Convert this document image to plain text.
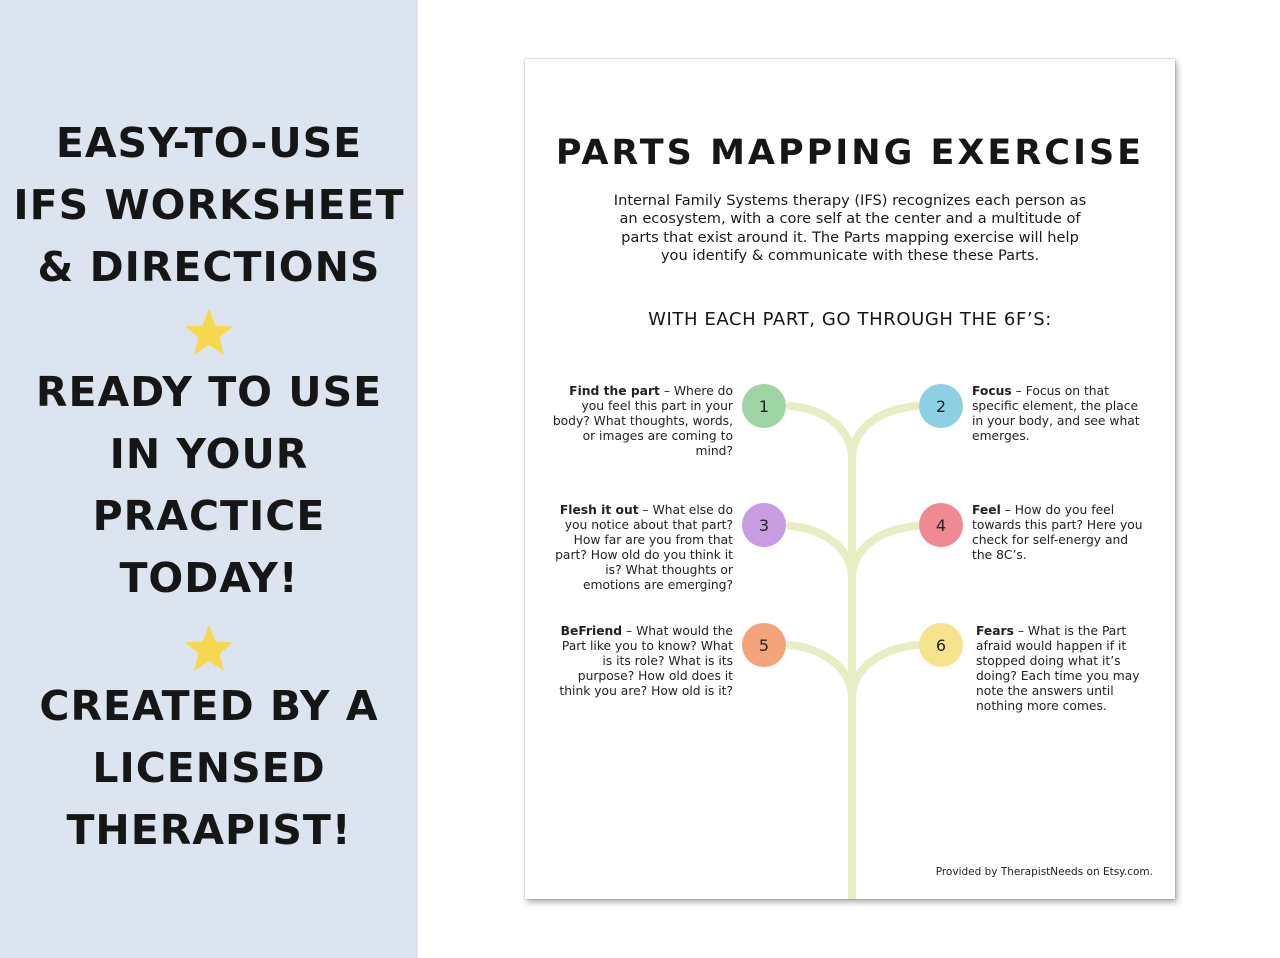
EASY-TO-USE
IFS WORKSHEET
& DIRECTIONS
READY TO USE
IN YOUR
PRACTICE
TODAY!
CREATED BY A
LICENSED
THERAPIST!
PARTS MAPPING EXERCISE

Internal Family Systems therapy (IFS) recognizes each person as
an ecosystem, with a core self at the center and a multitude of
parts that exist around it. The Parts mapping exercise will help
you identify & communicate with these these Parts.

WITH EACH PART, GO THROUGH THE 6F’S:
1
Find the part – Where do
you feel this part in your
body? What thoughts, words,
or images are coming to
mind?
2
Focus – Focus on that
specific element, the place
in your body, and see what
emerges.
3
Flesh it out – What else do
you notice about that part?
How far are you from that
part? How old do you think it
is? What thoughts or
emotions are emerging?
4
Feel – How do you feel
towards this part? Here you
check for self-energy and
the 8C’s.
5
BeFriend – What would the
Part like you to know? What
is its role? What is its
purpose? How old does it
think you are? How old is it?
6
Fears – What is the Part
afraid would happen if it
stopped doing what it’s
doing? Each time you may
note the answers until
nothing more comes.
Provided by TherapistNeeds on Etsy.com.
